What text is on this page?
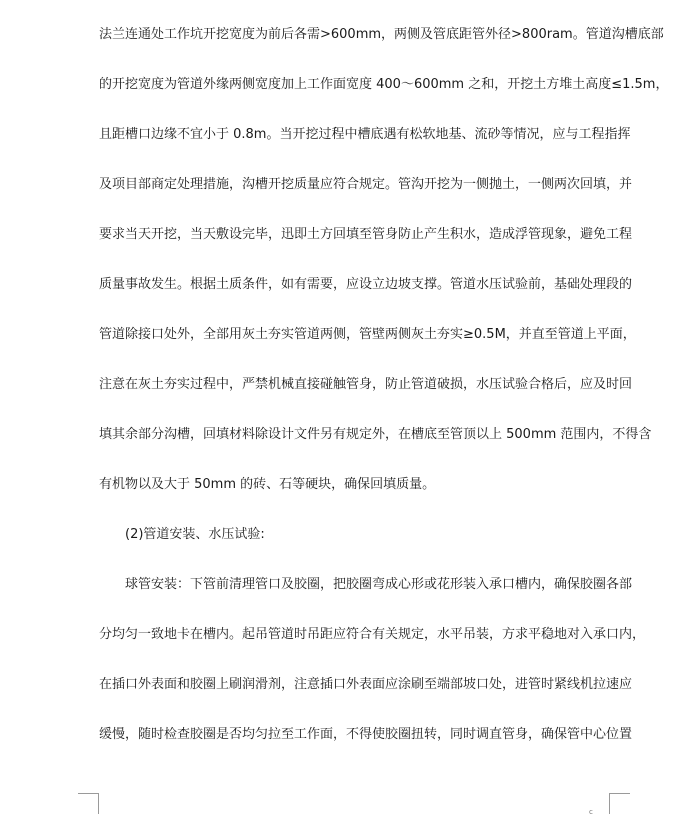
法兰连通处工作坑开挖宽度为前后各需>600mm，两侧及管底距管外径>800ram。管道沟槽底部
的开挖宽度为管道外缘两侧宽度加上工作面宽度 400～600mm 之和，开挖土方堆土高度≤1.5m，
且距槽口边缘不宜小于 0.8m。当开挖过程中槽底遇有松软地基、流砂等情况，应与工程指挥
及项目部商定处理措施，沟槽开挖质量应符合规定。管沟开挖为一侧抛土，一侧两次回填，并
要求当天开挖，当天敷设完毕，迅即土方回填至管身防止产生积水，造成浮管现象，避免工程
质量事故发生。根据土质条件，如有需要，应设立边坡支撑。管道水压试验前，基础处理段的
管道除接口处外，全部用灰土夯实管道两侧，管壁两侧灰土夯实≥0.5M，并直至管道上平面，
注意在灰土夯实过程中，严禁机械直接碰触管身，防止管道破损，水压试验合格后，应及时回
填其余部分沟槽，回填材料除设计文件另有规定外，在槽底至管顶以上 500mm 范围内，不得含
有机物以及大于 50mm 的砖、石等硬块，确保回填质量。
(2)管道安装、水压试验:
球管安装：下管前清理管口及胶圈，把胶圈弯成心形或花形装入承口槽内，确保胶圈各部
分均匀一致地卡在槽内。起吊管道时吊距应符合有关规定，水平吊装，方求平稳地对入承口内，
在插口外表面和胶圈上刷润滑剂，注意插口外表面应涂刷至端部坡口处，进管时紧线机拉速应
缓慢，随时检查胶圈是否均匀拉至工作面，不得使胶圈扭转，同时调直管身，确保管中心位置
c
